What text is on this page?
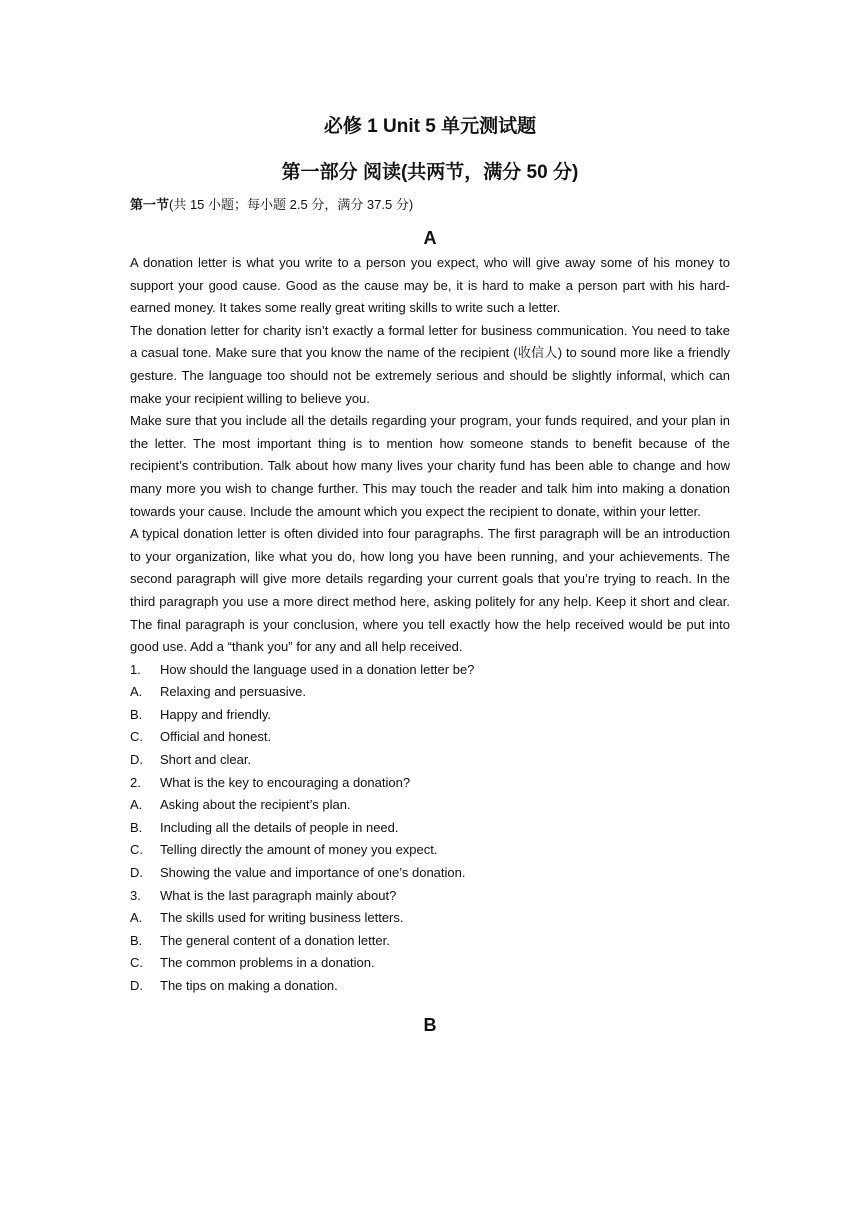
必修 1 Unit 5 单元测试题
第一部分 阅读(共两节，满分 50 分)
第一节(共 15 小题；每小题 2.5 分，满分 37.5 分)
A

A donation letter is what you write to a person you expect, who will give away some of his money to support your good cause. Good as the cause may be, it is hard to make a person part with his hard-earned money. It takes some really great writing skills to write such a letter.

The donation letter for charity isn’t exactly a formal letter for business communication. You need to take a casual tone. Make sure that you know the name of the recipient (收信人) to sound more like a friendly gesture. The language too should not be extremely serious and should be slightly informal, which can make your recipient willing to believe you.

Make sure that you include all the details regarding your program, your funds required, and your plan in the letter. The most important thing is to mention how someone stands to benefit because of the recipient’s contribution. Talk about how many lives your charity fund has been able to change and how many more you wish to change further. This may touch the reader and talk him into making a donation towards your cause. Include the amount which you expect the recipient to donate, within your letter.

A typical donation letter is often divided into four paragraphs. The first paragraph will be an introduction to your organization, like what you do, how long you have been running, and your achievements. The second paragraph will give more details regarding your current goals that you’re trying to reach. In the third paragraph you use a more direct method here, asking politely for any help. Keep it short and clear. The final paragraph is your conclusion, where you tell exactly how the help received would be put into good use. Add a “thank you” for any and all help received.

1.	How should the language used in a donation letter be?
A.	Relaxing and persuasive.
B.	Happy and friendly.
C.	Official and honest.
D.	Short and clear.
2.	What is the key to encouraging a donation?
A.	Asking about the recipient’s plan.
B.	Including all the details of people in need.
C.	Telling directly the amount of money you expect.
D.	Showing the value and importance of one’s donation.
3.	What is the last paragraph mainly about?
A.	The skills used for writing business letters.
B.	The general content of a donation letter.
C.	The common problems in a donation.
D.	The tips on making a donation.
B
